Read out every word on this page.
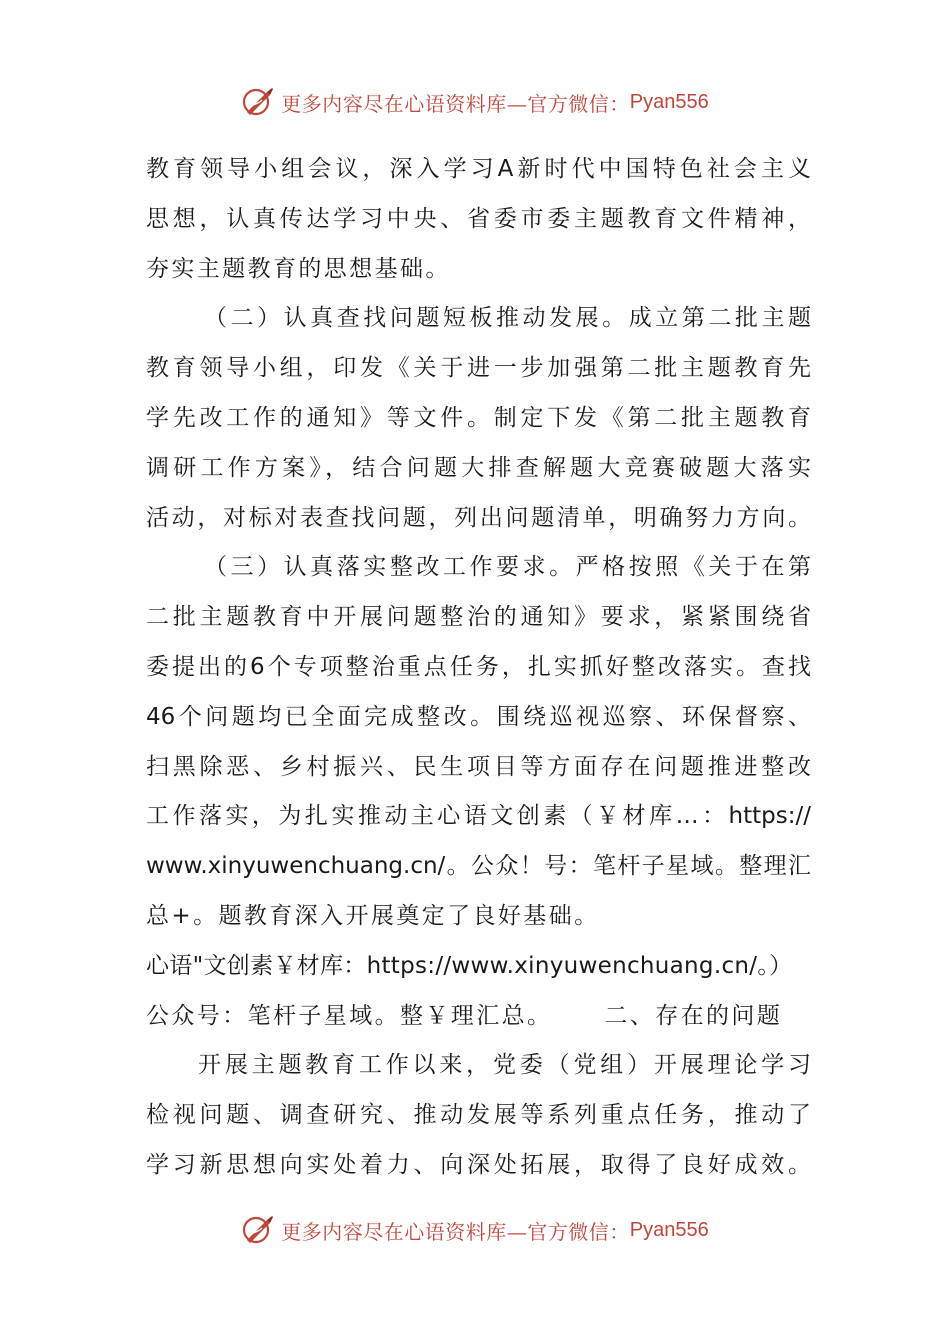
更多内容尽在心语资料库—官方微信： Pyan556
教育领导小组会议，深入学习A新时代中国特色社会主义
思想，认真传达学习中央、省委市委主题教育文件精神，
夯实主题教育的思想基础。
（二）认真查找问题短板推动发展。成立第二批主题
教育领导小组，印发《关于进一步加强第二批主题教育先
学先改工作的通知》等文件。制定下发《第二批主题教育
调研工作方案》，结合问题大排查解题大竞赛破题大落实
活动，对标对表查找问题，列出问题清单，明确努力方向。
（三）认真落实整改工作要求。严格按照《关于在第
二批主题教育中开展问题整治的通知》要求，紧紧围绕省
委提出的6个专项整治重点任务，扎实抓好整改落实。查找
46个问题均已全面完成整改。围绕巡视巡察、环保督察、
扫黑除恶、乡村振兴、民生项目等方面存在问题推进整改
工作落实，为扎实推动主心语文创素（￥材库…：https://
www.xinyuwenchuang.cn/。公众！号：笔杆子星域。整理汇
总+。题教育深入开展奠定了良好基础。
心语"文创素￥材库：https://www.xinyuwenchuang.cn/。）
公众号：笔杆子星域。整￥理汇总。 二、存在的问题
开展主题教育工作以来，党委（党组）开展理论学习
检视问题、调查研究、推动发展等系列重点任务，推动了
学习新思想向实处着力、向深处拓展，取得了良好成效。
更多内容尽在心语资料库—官方微信： Pyan556
